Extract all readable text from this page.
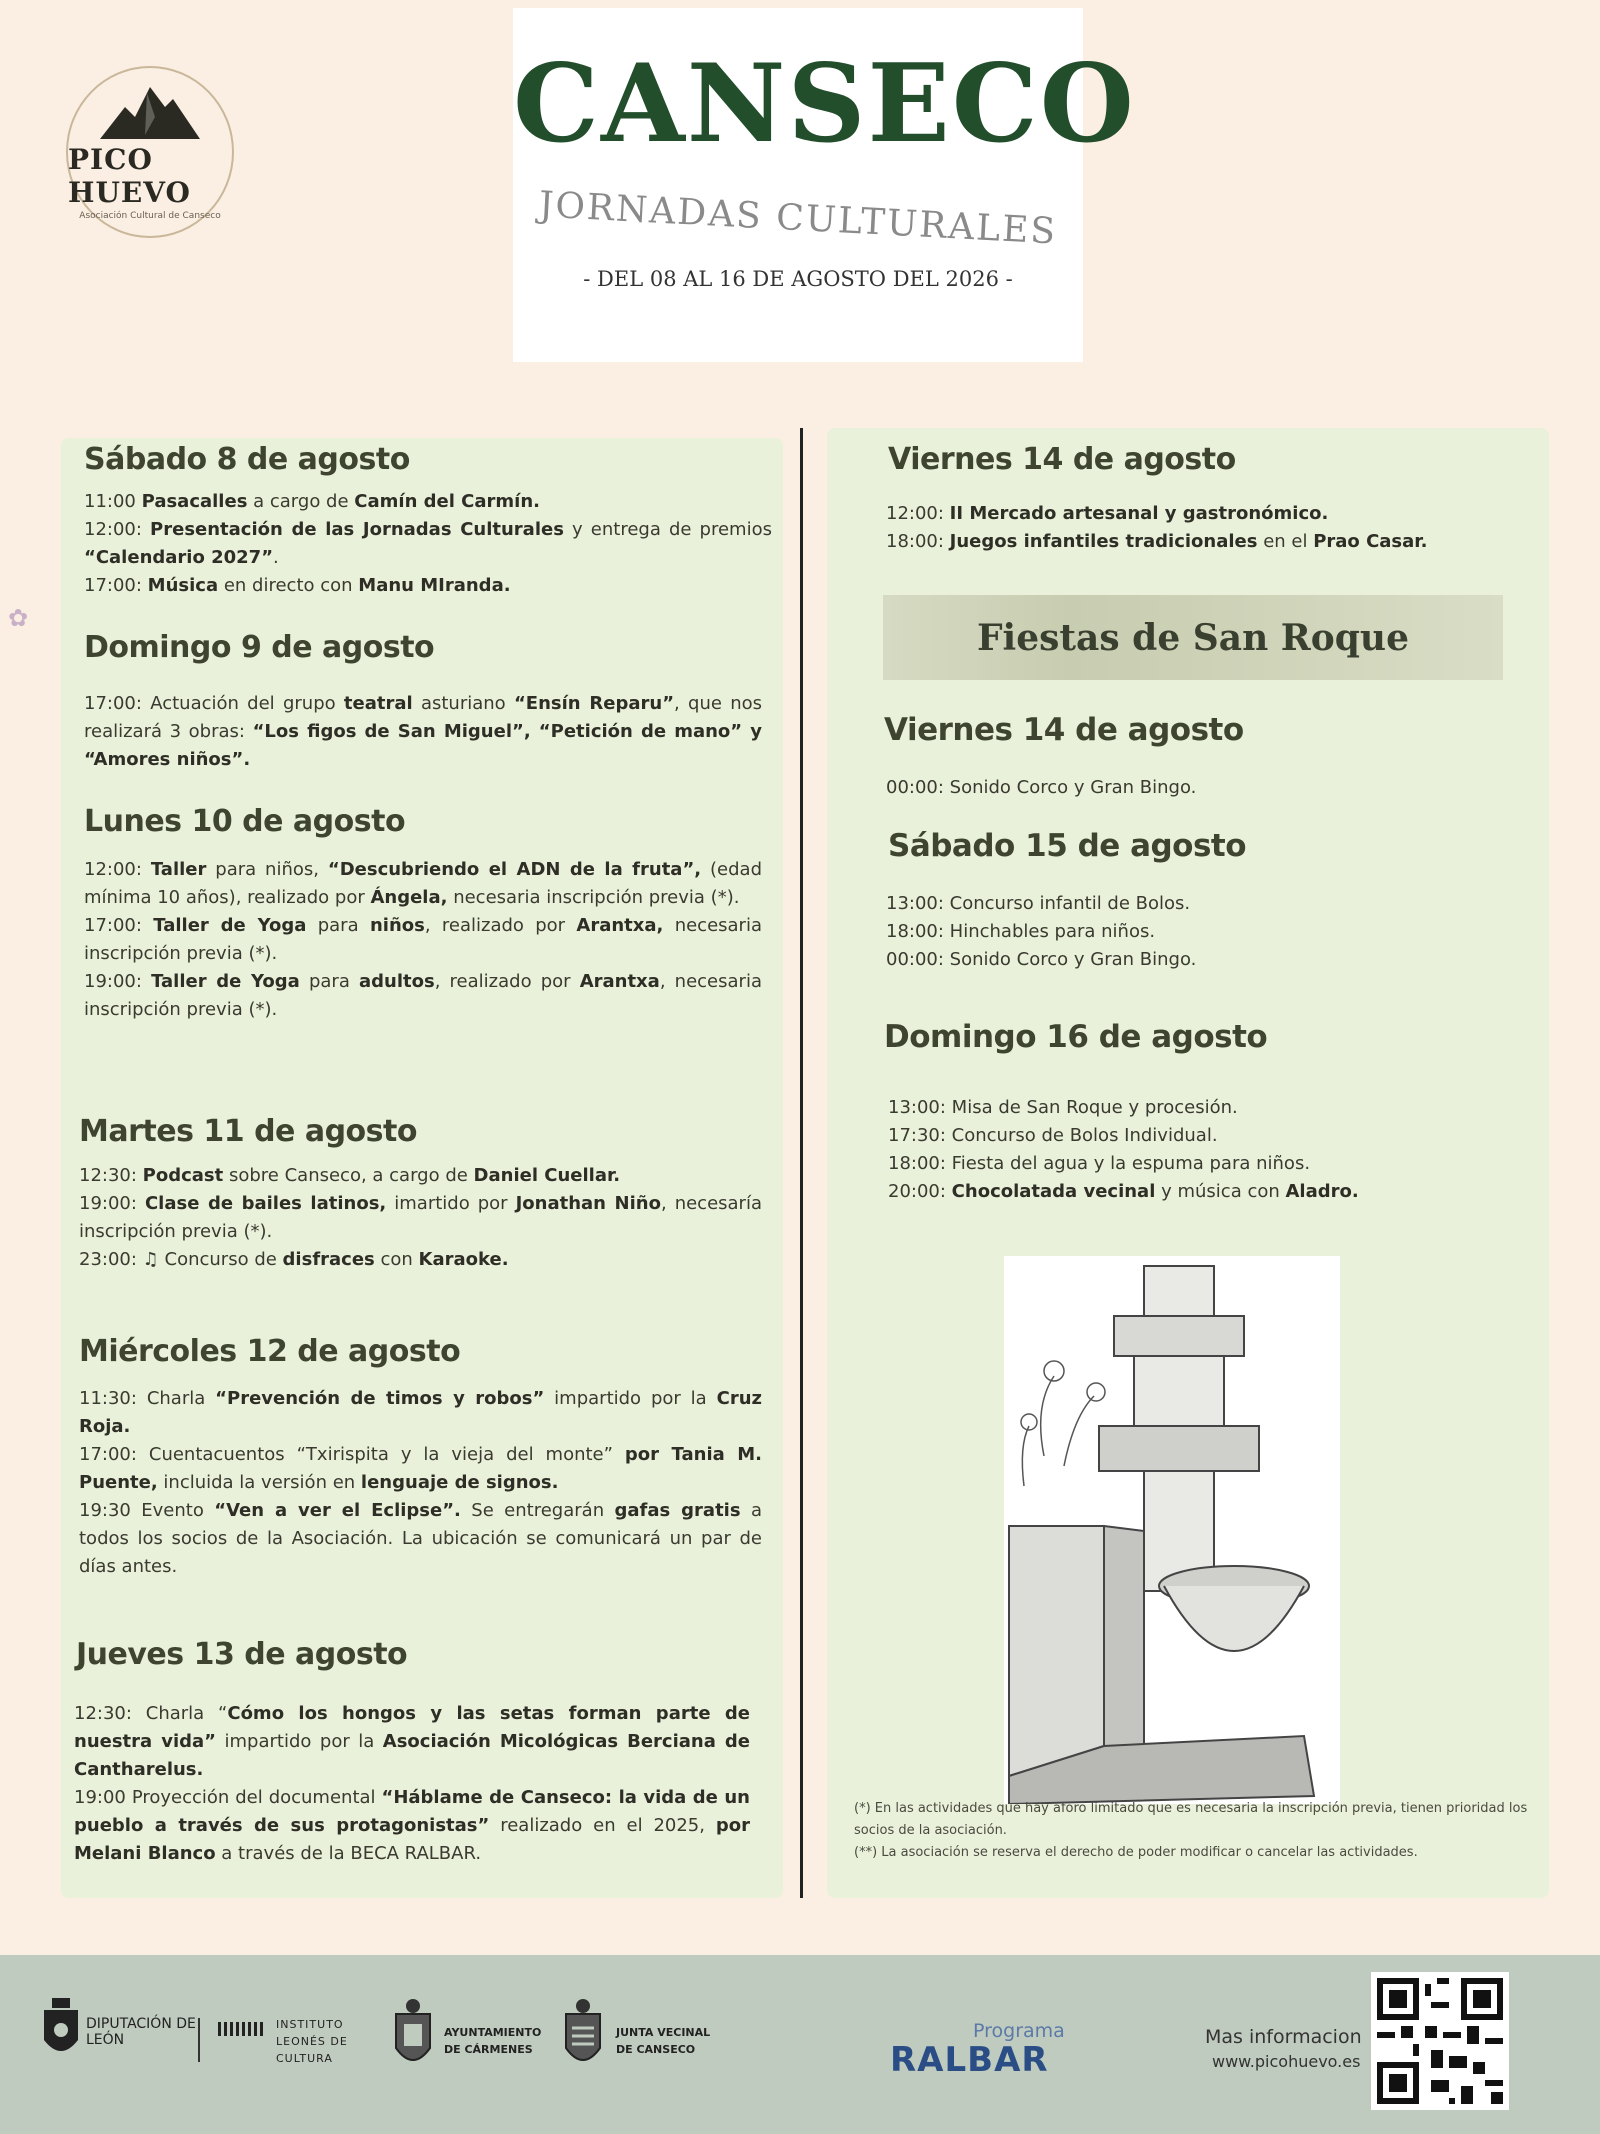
PICO HUEVO
Asociación Cultural de Canseco
CANSECO
JORNADAS CULTURALES
- DEL 08 AL 16 DE AGOSTO DEL 2026 -
✿
Sábado 8 de agosto
11:00 Pasacalles a cargo de Camín del Carmín.
12:00: Presentación de las Jornadas Culturales y entrega de premios “Calendario 2027”.
17:00: Música en directo con Manu MIranda.
Domingo 9 de agosto
17:00: Actuación del grupo teatral asturiano “Ensín Reparu”, que nos realizará 3 obras: “Los figos de San Miguel”, “Petición de mano” y “Amores niños”.
Lunes 10 de agosto
12:00: Taller para niños, “Descubriendo el ADN de la fruta”, (edad mínima 10 años), realizado por Ángela, necesaria inscripción previa (*).
17:00: Taller de Yoga para niños, realizado por Arantxa, necesaria inscripción previa (*).
19:00: Taller de Yoga para adultos, realizado por Arantxa, necesaria inscripción previa (*).
Martes 11 de agosto
12:30: Podcast sobre Canseco, a cargo de Daniel Cuellar.
19:00: Clase de bailes latinos, imartido por Jonathan Niño, necesaría inscripción previa (*).
23:00: ♫ Concurso de disfraces con Karaoke.
Miércoles 12 de agosto
11:30: Charla “Prevención de timos y robos” impartido por la Cruz Roja.
17:00: Cuentacuentos “Txirispita y la vieja del monte” por Tania M. Puente, incluida la versión en lenguaje de signos.
19:30 Evento “Ven a ver el Eclipse”. Se entregarán gafas gratis a todos los socios de la Asociación. La ubicación se comunicará un par de días antes.
Jueves 13 de agosto
12:30: Charla “Cómo los hongos y las setas forman parte de nuestra vida” impartido por la Asociación Micológicas Berciana de Cantharelus.
19:00 Proyección del documental “Háblame de Canseco: la vida de un pueblo a través de sus protagonistas” realizado en el 2025, por Melani Blanco a través de la BECA RALBAR.
Viernes 14 de agosto
12:00: II Mercado artesanal y gastronómico.
18:00: Juegos infantiles tradicionales en el Prao Casar.
Fiestas de San Roque
Viernes 14 de agosto
00:00: Sonido Corco y Gran Bingo.
Sábado 15 de agosto
13:00: Concurso infantil de Bolos.
18:00: Hinchables para niños.
00:00: Sonido Corco y Gran Bingo.
Domingo 16 de agosto
13:00: Misa de San Roque y procesión.
17:30: Concurso de Bolos Individual.
18:00: Fiesta del agua y la espuma para niños.
20:00: Chocolatada vecinal y música con Aladro.
(*) En las actividades que hay aforo limitado que es necesaria la inscripción previa, tienen prioridad los socios de la asociación.
(**) La asociación se reserva el derecho de poder modificar o cancelar las actividades.
DIPUTACIÓN DE LEÓN
INSTITUTO LEONÉS DE CULTURA
AYUNTAMIENTO DE CÁRMENES
JUNTA VECINAL DE CANSECO
Programa
RALBAR
Mas informacion
www.picohuevo.es
